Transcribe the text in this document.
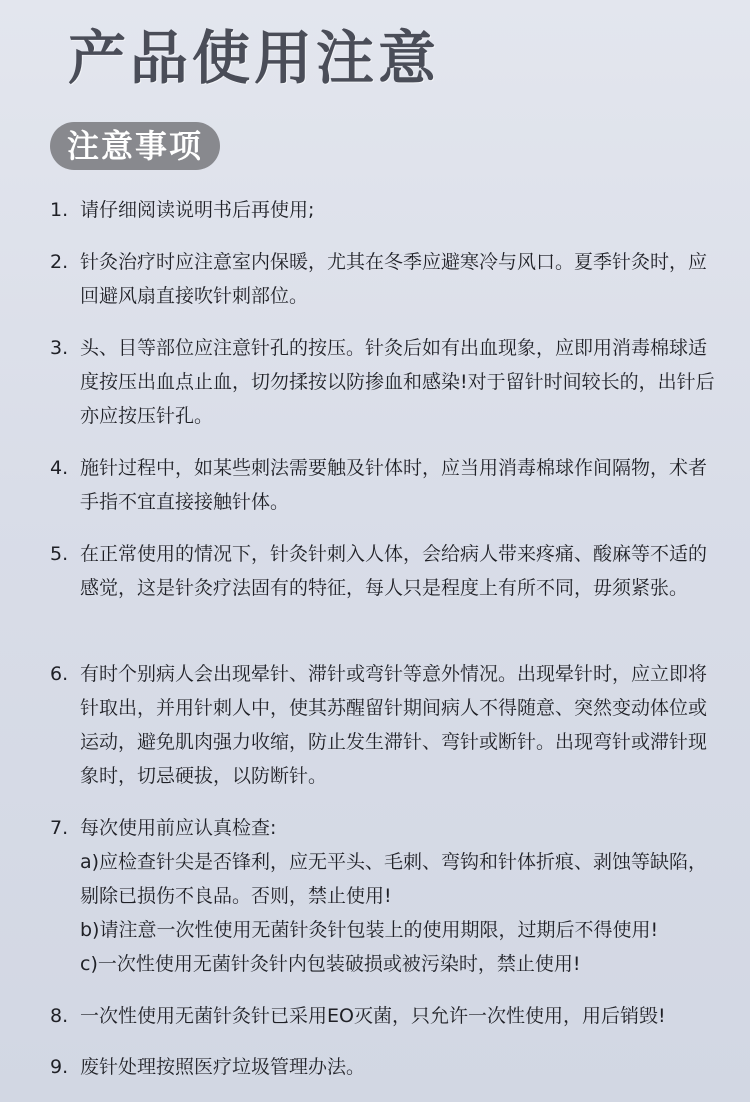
产品使用注意
注意事项
1. 请仔细阅读说明书后再使用;
2. 针灸治疗时应注意室内保暖，尤其在冬季应避寒冷与风口。夏季针灸时，应回避风扇直接吹针刺部位。
3. 头、目等部位应注意针孔的按压。针灸后如有出血现象，应即用消毒棉球适度按压出血点止血，切勿揉按以防掺血和感染!对于留针时间较长的，出针后亦应按压针孔。
4. 施针过程中，如某些刺法需要触及针体时，应当用消毒棉球作间隔物，术者手指不宜直接接触针体。
5. 在正常使用的情况下，针灸针刺入人体，会给病人带来疼痛、酸麻等不适的感觉，这是针灸疗法固有的特征，每人只是程度上有所不同，毋须紧张。
6. 有时个别病人会出现晕针、滞针或弯针等意外情况。出现晕针时，应立即将针取出，并用针刺人中，使其苏醒留针期间病人不得随意、突然变动体位或运动，避免肌肉强力收缩，防止发生滞针、弯针或断针。出现弯针或滞针现象时，切忌硬拔，以防断针。
7. 每次使用前应认真检查:
a)应检查针尖是否锋利，应无平头、毛刺、弯钩和针体折痕、剥蚀等缺陷，剔除已损伤不良品。否则，禁止使用!
b)请注意一次性使用无菌针灸针包装上的使用期限，过期后不得使用!
c)一次性使用无菌针灸针内包装破损或被污染时，禁止使用!
8. 一次性使用无菌针灸针已采用EO灭菌，只允许一次性使用，用后销毁!
9. 废针处理按照医疗垃圾管理办法。
